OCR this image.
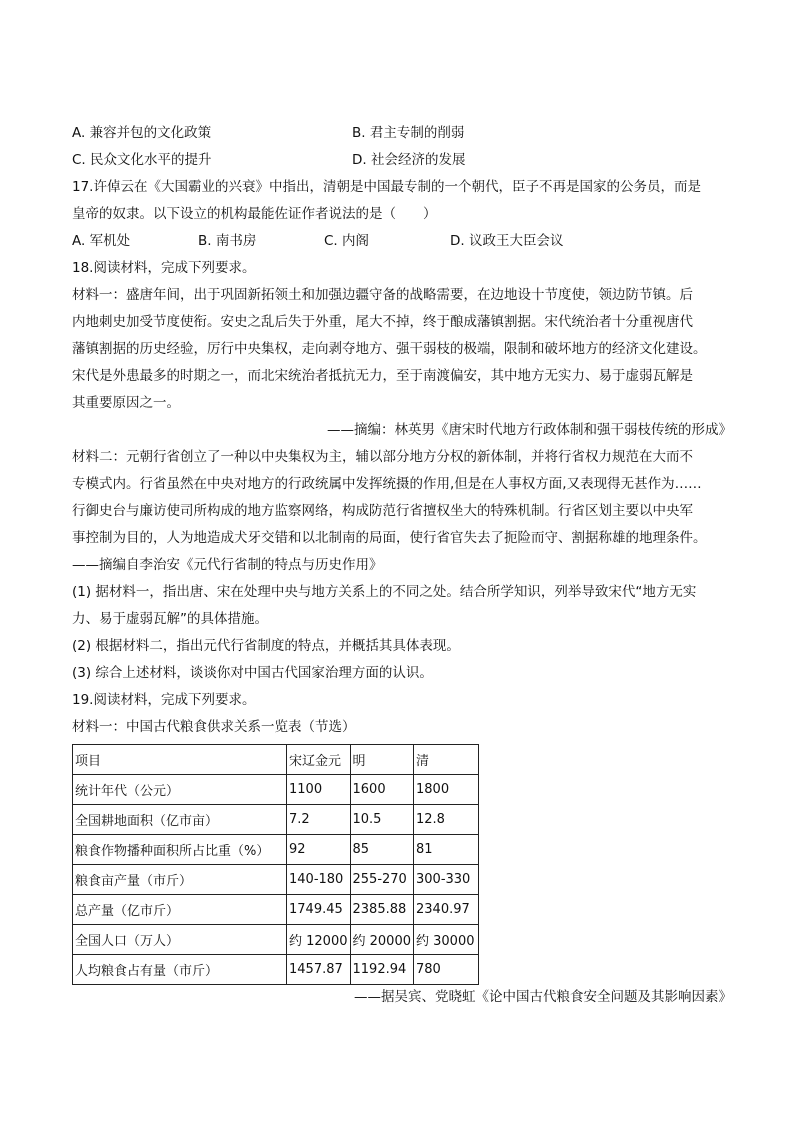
A. 兼容并包的文化政策	B. 君主专制的削弱
C. 民众文化水平的提升	D. 社会经济的发展
17.许倬云在《大国霸业的兴衰》中指出，清朝是中国最专制的一个朝代，臣子不再是国家的公务员，而是
皇帝的奴隶。以下设立的机构最能佐证作者说法的是（　　）
A. 军机处	B. 南书房	C. 内阁	D. 议政王大臣会议
18.阅读材料，完成下列要求。
材料一：盛唐年间，出于巩固新拓领土和加强边疆守备的战略需要，在边地设十节度使，领边防节镇。后
内地刺史加受节度使衔。安史之乱后失于外重，尾大不掉，终于酿成藩镇割据。宋代统治者十分重视唐代
藩镇割据的历史经验，厉行中央集权，走向剥夺地方、强干弱枝的极端，限制和破坏地方的经济文化建设。
宋代是外患最多的时期之一，而北宋统治者抵抗无力，至于南渡偏安，其中地方无实力、易于虚弱瓦解是
其重要原因之一。
——摘编：林英男《唐宋时代地方行政体制和强干弱枝传统的形成》
材料二：元朝行省创立了一种以中央集权为主，辅以部分地方分权的新体制，并将行省权力规范在大而不
专模式内。行省虽然在中央对地方的行政统属中发挥统摄的作用,但是在人事权方面,又表现得无甚作为……
行御史台与廉访使司所构成的地方监察网络，构成防范行省擅权坐大的特殊机制。行省区划主要以中央军
事控制为目的，人为地造成犬牙交错和以北制南的局面，使行省官失去了扼险而守、割据称雄的地理条件。
——摘编自李治安《元代行省制的特点与历史作用》
(1) 据材料一，指出唐、宋在处理中央与地方关系上的不同之处。结合所学知识，列举导致宋代“地方无实
力、易于虚弱瓦解”的具体措施。
(2) 根据材料二，指出元代行省制度的特点，并概括其具体表现。
(3) 综合上述材料，谈谈你对中国古代国家治理方面的认识。
19.阅读材料，完成下列要求。
材料一：中国古代粮食供求关系一览表（节选）
项目	宋辽金元	明	清
统计年代（公元）	1100	1600	1800
全国耕地面积（亿市亩）	7.2	10.5	12.8
粮食作物播种面积所占比重（%）	92	85	81
粮食亩产量（市斤）	140-180	255-270	300-330
总产量（亿市斤）	1749.45	2385.88	2340.97
全国人口（万人）	约 12000	约 20000	约 30000
人均粮食占有量（市斤）	1457.87	1192.94	780
——据吴宾、党晓虹《论中国古代粮食安全问题及其影响因素》
